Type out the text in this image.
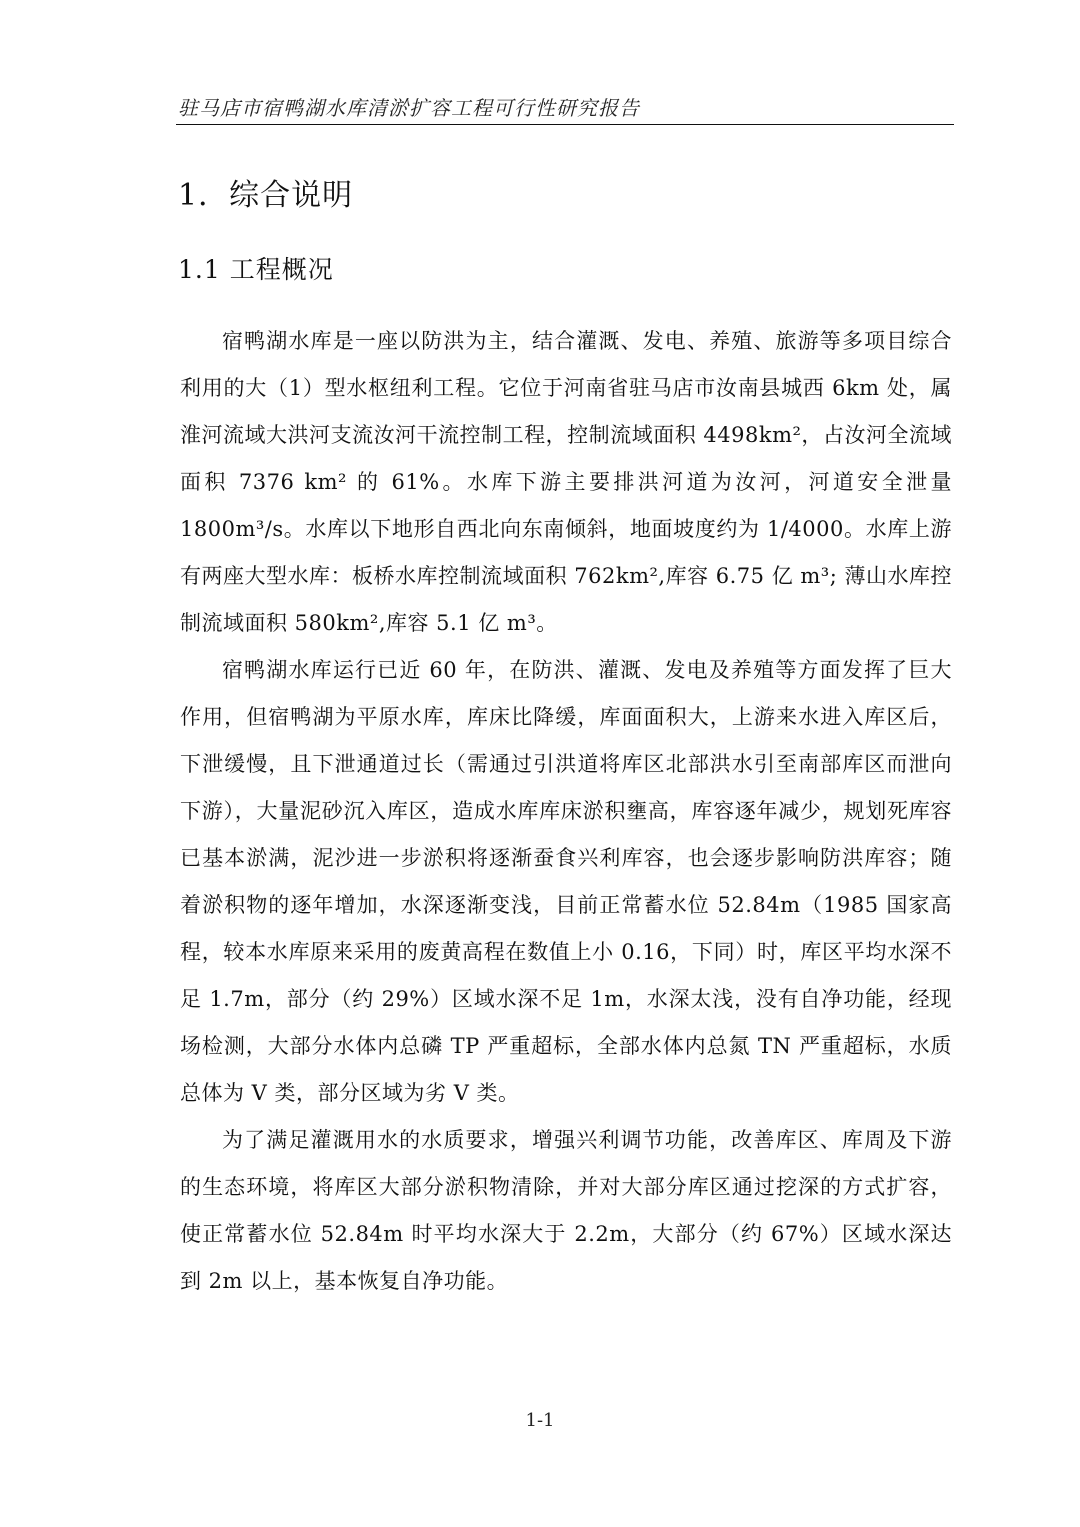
驻马店市宿鸭湖水库清淤扩容工程可行性研究报告
1．综合说明
1.1 工程概况

宿鸭湖水库是一座以防洪为主，结合灌溉、发电、养殖、旅游等多项目综合利用的大（1）型水枢纽利工程。它位于河南省驻马店市汝南县城西 6km 处，属淮河流域大洪河支流汝河干流控制工程，控制流域面积 4498km²，占汝河全流域面积 7376 km² 的 61%。水库下游主要排洪河道为汝河，河道安全泄量 1800m³/s。水库以下地形自西北向东南倾斜，地面坡度约为 1/4000。水库上游有两座大型水库：板桥水库控制流域面积 762km²,库容 6.75 亿 m³; 薄山水库控制流域面积 580km²,库容 5.1 亿 m³。

宿鸭湖水库运行已近 60 年，在防洪、灌溉、发电及养殖等方面发挥了巨大作用，但宿鸭湖为平原水库，库床比降缓，库面面积大，上游来水进入库区后，下泄缓慢，且下泄通道过长（需通过引洪道将库区北部洪水引至南部库区而泄向下游），大量泥砂沉入库区，造成水库库床淤积壅高，库容逐年减少，规划死库容已基本淤满，泥沙进一步淤积将逐渐蚕食兴利库容，也会逐步影响防洪库容；随着淤积物的逐年增加，水深逐渐变浅，目前正常蓄水位 52.84m（1985 国家高程，较本水库原来采用的废黄高程在数值上小 0.16，下同）时，库区平均水深不足 1.7m，部分（约 29%）区域水深不足 1m，水深太浅，没有自净功能，经现场检测，大部分水体内总磷 TP 严重超标，全部水体内总氮 TN 严重超标，水质总体为 V 类，部分区域为劣 V 类。

为了满足灌溉用水的水质要求，增强兴利调节功能，改善库区、库周及下游的生态环境，将库区大部分淤积物清除，并对大部分库区通过挖深的方式扩容，使正常蓄水位 52.84m 时平均水深大于 2.2m，大部分（约 67%）区域水深达到 2m 以上，基本恢复自净功能。

1-1
